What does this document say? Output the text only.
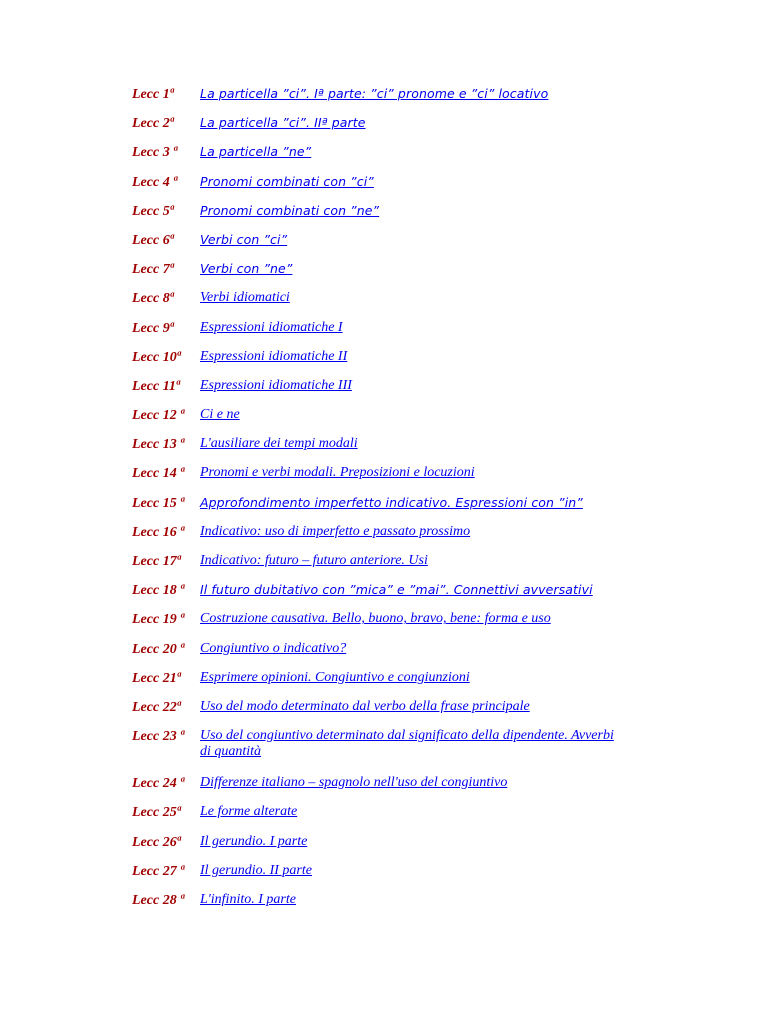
Lecc 1ª	La particella ”ci”. Iª parte: ”ci” pronome e ”ci” locativo
Lecc 2ª	La particella ”ci”. IIª parte
Lecc 3 ª	La particella ”ne”
Lecc 4 ª	Pronomi combinati con ”ci”
Lecc 5ª	Pronomi combinati con ”ne”
Lecc 6ª	Verbi con ”ci”
Lecc 7ª	Verbi con ”ne”
Lecc 8ª	Verbi idiomatici
Lecc 9ª	Espressioni idiomatiche I
Lecc 10ª	Espressioni idiomatiche II
Lecc 11ª	Espressioni idiomatiche III
Lecc 12 ª	Ci e ne
Lecc 13 ª	L'ausiliare dei tempi modali
Lecc 14 ª	Pronomi e verbi modali. Preposizioni e locuzioni
Lecc 15 ª	Approfondimento imperfetto indicativo. Espressioni con ”in”
Lecc 16 ª	Indicativo: uso di imperfetto e passato prossimo
Lecc 17ª	Indicativo: futuro – futuro anteriore. Usi
Lecc 18 ª	Il futuro dubitativo con ”mica” e ”mai”. Connettivi avversativi
Lecc 19 ª	Costruzione causativa. Bello, buono, bravo, bene: forma e uso
Lecc 20 ª	Congiuntivo o indicativo?
Lecc 21ª	Esprimere opinioni. Congiuntivo e congiunzioni
Lecc 22ª	Uso del modo determinato dal verbo della frase principale
Lecc 23 ª	Uso del congiuntivo determinato dal significato della dipendente. Avverbi di quantità
Lecc 24 ª	Differenze italiano – spagnolo nell'uso del congiuntivo
Lecc 25ª	Le forme alterate
Lecc 26ª	Il gerundio. I parte
Lecc 27 ª	Il gerundio. II parte
Lecc 28 ª	L'infinito. I parte
